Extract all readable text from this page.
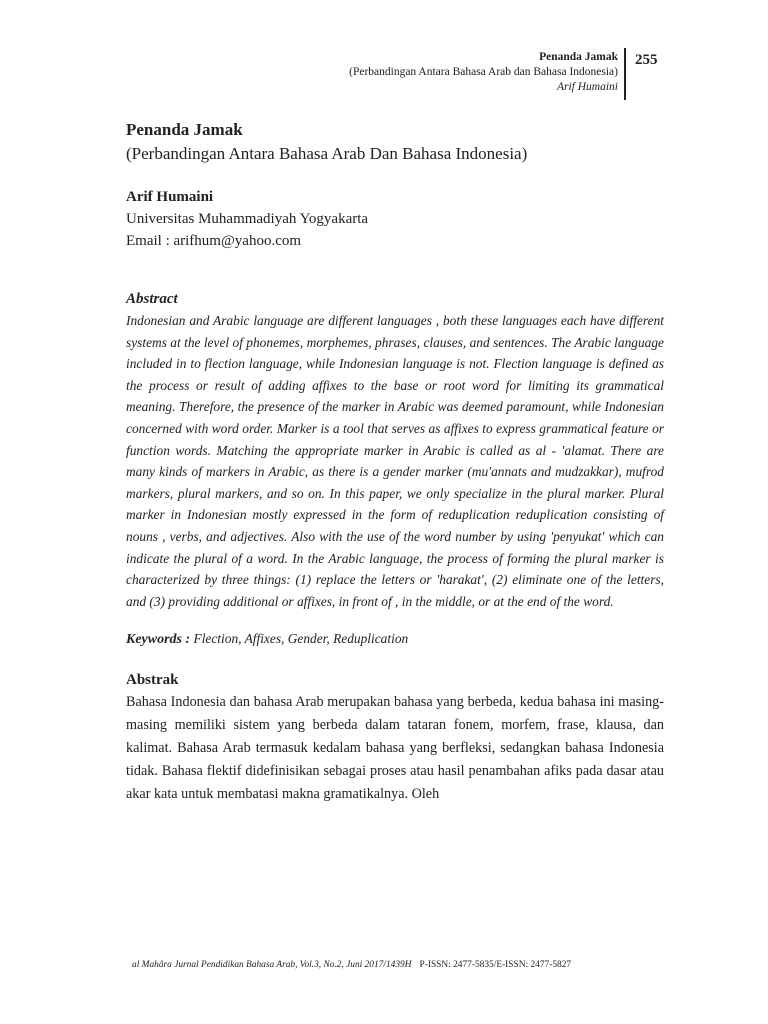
Penanda Jamak
(Perbandingan Antara Bahasa Arab dan Bahasa Indonesia)
Arif Humaini
255
Penanda Jamak
(Perbandingan Antara Bahasa Arab Dan Bahasa Indonesia)
Arif Humaini
Universitas Muhammadiyah Yogyakarta
Email : arifhum@yahoo.com
Abstract
Indonesian and Arabic language are different languages , both these languages each have different systems at the level of phonemes, morphemes, phrases, clauses, and sentences. The Arabic language included in to flection language, while Indonesian language is not. Flection language is defined as the process or result of adding affixes to the base or root word for limiting its grammatical meaning. Therefore, the presence of the marker in Arabic was deemed paramount, while Indonesian concerned with word order. Marker is a tool that serves as affixes to express grammatical feature or function words. Matching the appropriate marker in Arabic is called as al - 'alamat. There are many kinds of markers in Arabic, as there is a gender marker (mu'annats and mudzakkar), mufrod markers, plural markers, and so on. In this paper, we only specialize in the plural marker. Plural marker in Indonesian mostly expressed in the form of reduplication reduplication consisting of nouns , verbs, and adjectives. Also with the use of the word number by using 'penyukat' which can indicate the plural of a word. In the Arabic language, the process of forming the plural marker is characterized by three things: (1) replace the letters or 'harakat', (2) eliminate one of the letters, and (3) providing additional or affixes, in front of , in the middle, or at the end of the word.
Keywords : Flection, Affixes, Gender, Reduplication
Abstrak
Bahasa Indonesia dan bahasa Arab merupakan bahasa yang berbeda, kedua bahasa ini masing-masing memiliki sistem yang berbeda dalam tataran fonem, morfem, frase, klausa, dan kalimat. Bahasa Arab termasuk kedalam bahasa yang berfleksi, sedangkan bahasa Indonesia tidak. Bahasa flektif didefinisikan sebagai proses atau hasil penambahan afiks pada dasar atau akar kata untuk membatasi makna gramatikalnya. Oleh
al Mahâra Jurnal Pendidikan Bahasa Arab, Vol.3, No.2, Juni 2017/1439H P-ISSN: 2477-5835/E-ISSN: 2477-5827
